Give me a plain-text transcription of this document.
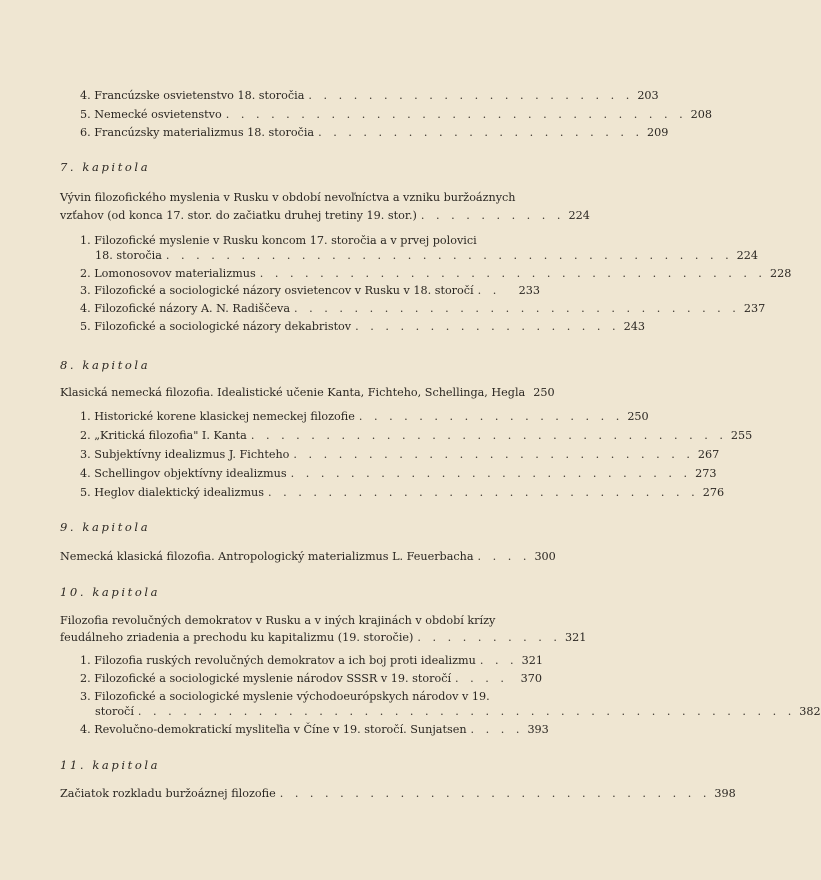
4. Francúzske osvietenstvo 18. storočia . . . . . . . . . . . . . . . . . . . . . . 203
5. Nemecké osvietenstvo . . . . . . . . . . . . . . . . . . . . . . . . . . . . . . . 208
6. Francúzsky materializmus 18. storočia . . . . . . . . . . . . . . . . . . . . . . 209
7. kapitola
Vývin filozofického myslenia v Rusku v období nevoľníctva a vzniku buržoáznych
vzťahov (od konca 17. stor. do začiatku druhej tretiny 19. stor.) . . . . . . . . . . 224
1. Filozofické myslenie v Rusku koncom 17. storočia a v prvej polovici
18. storočia . . . . . . . . . . . . . . . . . . . . . . . . . . . . . . . . . . . . . . 224
2. Lomonosovov materializmus . . . . . . . . . . . . . . . . . . . . . . . . . . . . . . . . . . 228
3. Filozofické a sociologické názory osvietencov v Rusku v 18. storočí . .	233
4. Filozofické názory A. N. Radiščeva . . . . . . . . . . . . . . . . . . . . . . . . . . . . . . 237
5. Filozofické a sociologické názory dekabristov . . . . . . . . . . . . . . . . . . 243
8. kapitola
Klasická nemecká filozofia. Idealistické učenie Kanta, Fichteho, Schellinga, Hegla 250
1. Historické korene klasickej nemeckej filozofie . . . . . . . . . . . . . . . . . . 250
2. „Kritická filozofia" I. Kanta . . . . . . . . . . . . . . . . . . . . . . . . . . . . . . . . 255
3. Subjektívny idealizmus J. Fichteho . . . . . . . . . . . . . . . . . . . . . . . . . . . 267
4. Schellingov objektívny idealizmus . . . . . . . . . . . . . . . . . . . . . . . . . . . 273
5. Heglov dialektický idealizmus . . . . . . . . . . . . . . . . . . . . . . . . . . . . . 276
9. kapitola
Nemecká klasická filozofia. Antropologický materializmus L. Feuerbacha . . . . 300
10. kapitola
Filozofia revolučných demokratov v Rusku a v iných krajinách v období krízy
feudálneho zriadenia a prechodu ku kapitalizmu (19. storočie) . . . . . . . . . . 321
1. Filozofia ruských revolučných demokratov a ich boj proti idealizmu . . . 321
2. Filozofické a sociologické myslenie národov SSSR v 19. storočí . . . .	370
3. Filozofické a sociologické myslenie východoeurópskych národov v 19.
storočí . . . . . . . . . . . . . . . . . . . . . . . . . . . . . . . . . . . . . . . . . . . . 382
4. Revolučno-demokratickí mysliteľia v Číne v 19. storočí. Sunjatsen . . . . 393
11. kapitola
Začiatok rozkladu buržoáznej filozofie . . . . . . . . . . . . . . . . . . . . . . . . . . . . . 398
